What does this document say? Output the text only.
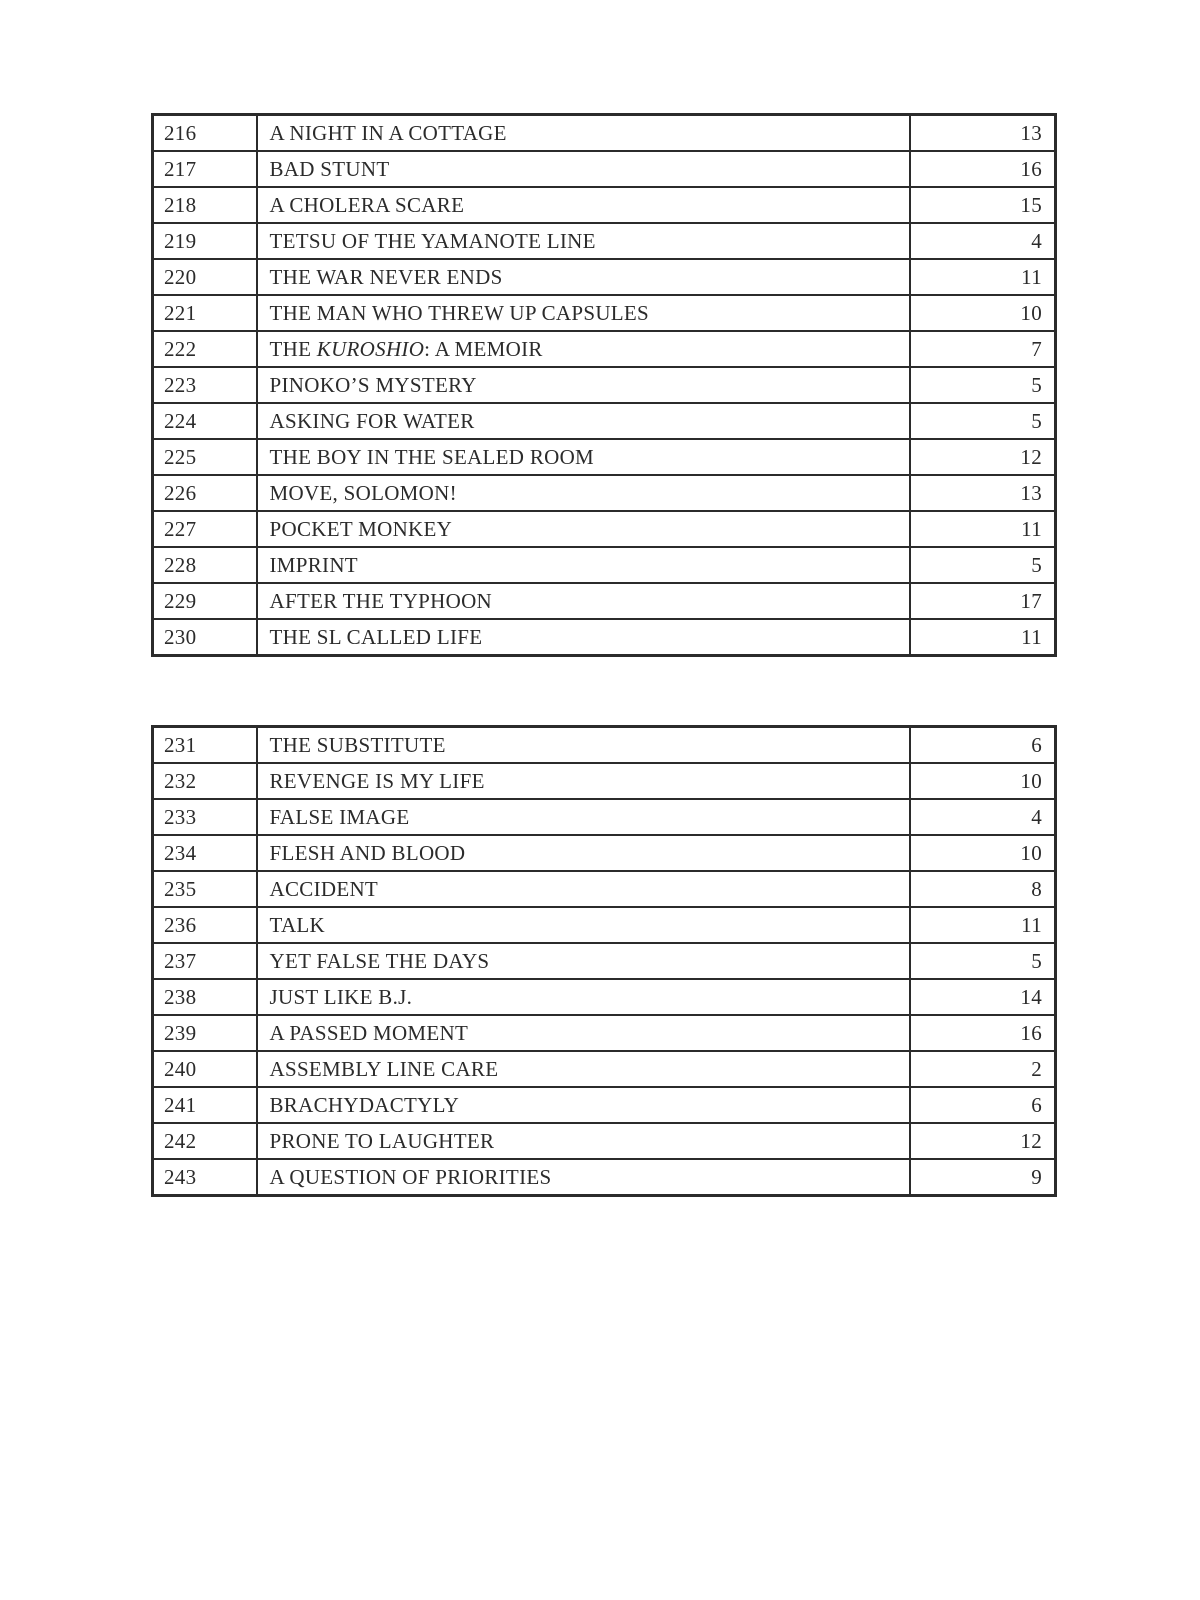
216	A NIGHT IN A COTTAGE	13
217	BAD STUNT	16
218	A CHOLERA SCARE	15
219	TETSU OF THE YAMANOTE LINE	4
220	THE WAR NEVER ENDS	11
221	THE MAN WHO THREW UP CAPSULES	10
222	THE KUROSHIO: A MEMOIR	7
223	PINOKO’S MYSTERY	5
224	ASKING FOR WATER	5
225	THE BOY IN THE SEALED ROOM	12
226	MOVE, SOLOMON!	13
227	POCKET MONKEY	11
228	IMPRINT	5
229	AFTER THE TYPHOON	17
230	THE SL CALLED LIFE	11
231	THE SUBSTITUTE	6
232	REVENGE IS MY LIFE	10
233	FALSE IMAGE	4
234	FLESH AND BLOOD	10
235	ACCIDENT	8
236	TALK	11
237	YET FALSE THE DAYS	5
238	JUST LIKE B.J.	14
239	A PASSED MOMENT	16
240	ASSEMBLY LINE CARE	2
241	BRACHYDACTYLY	6
242	PRONE TO LAUGHTER	12
243	A QUESTION OF PRIORITIES	9
